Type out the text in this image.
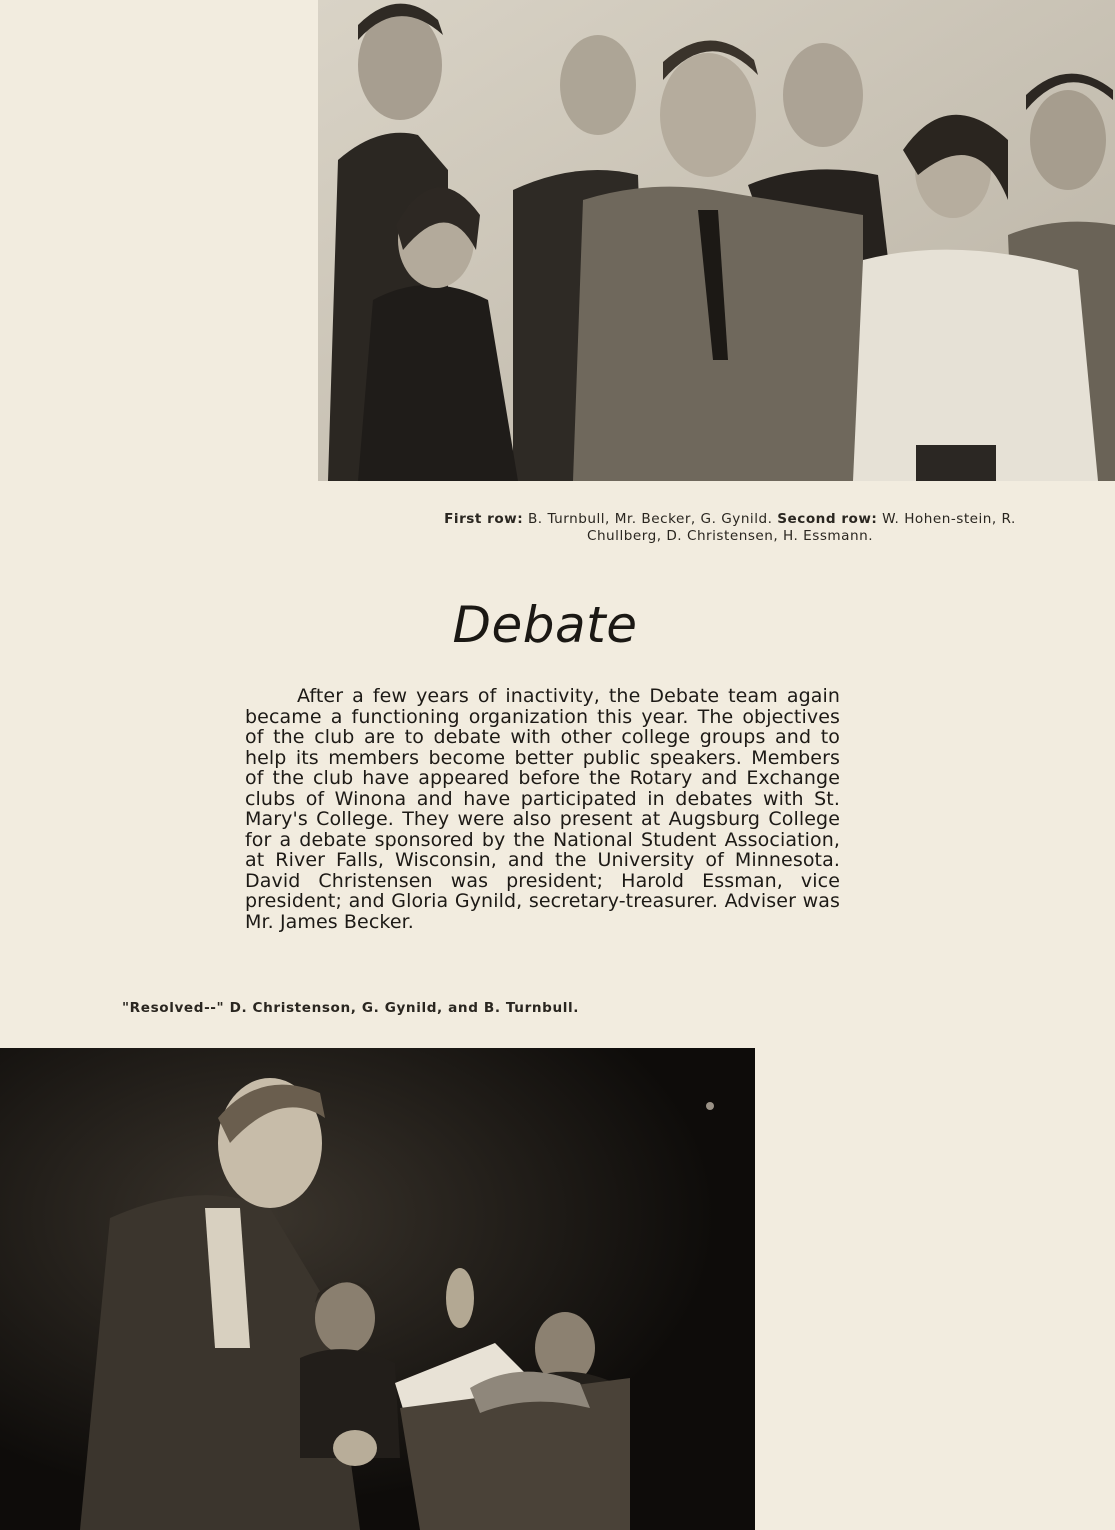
First row: B. Turnbull, Mr. Becker, G. Gynild. Second row: W. Hohen-stein, R. Chullberg, D. Christensen, H. Essmann.
Debate
After a few years of inactivity, the Debate team again became a functioning organization this year. The objectives of the club are to debate with other college groups and to help its members become better public speakers. Members of the club have appeared before the Rotary and Exchange clubs of Winona and have participated in debates with St. Mary's College. They were also present at Augsburg College for a debate sponsored by the National Student Association, at River Falls, Wisconsin, and the University of Minnesota. David Christensen was president; Harold Essman, vice president; and Gloria Gynild, secretary-treasurer. Adviser was Mr. James Becker.
"Resolved--" D. Christenson, G. Gynild, and B. Turnbull.
